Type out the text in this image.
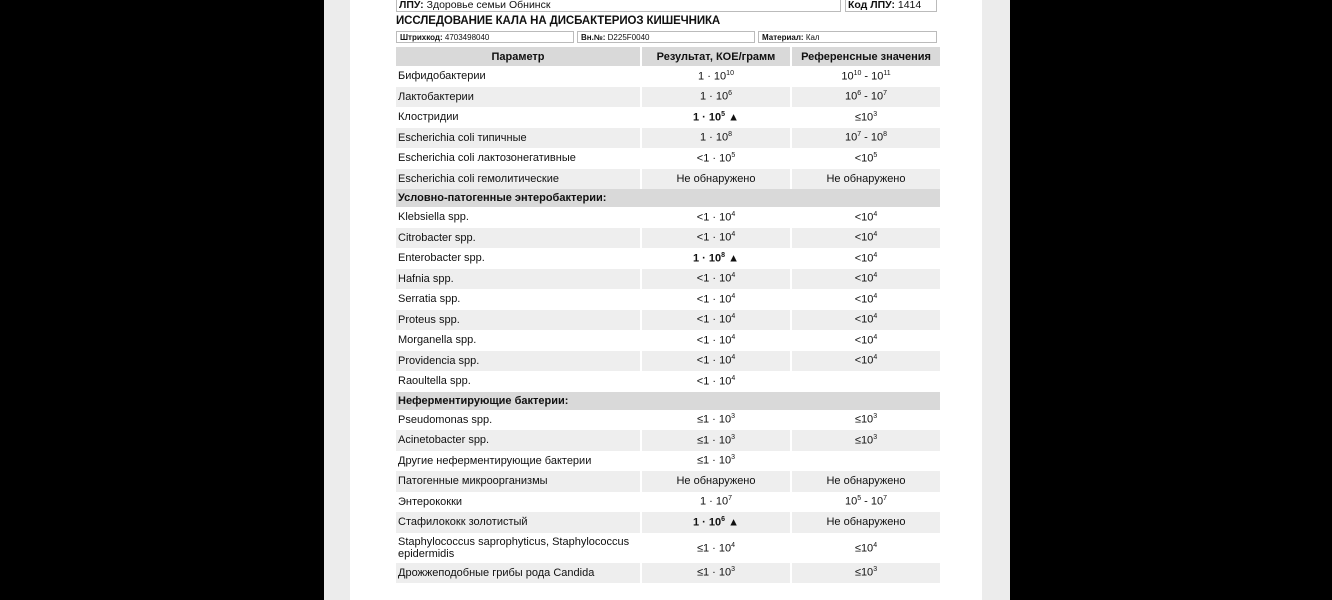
ЛПУ: Здоровье семьи Обнинск	Код ЛПУ: 1414
ИССЛЕДОВАНИЕ КАЛА НА ДИСБАКТЕРИОЗ КИШЕЧНИКА
Штрихкод: 4703498040	Вн.№: D225F0040	Материал: Кал
Параметр	Результат, КОЕ/грамм	Референсные значения
Бифидобактерии	$1 \cdot 10^{10}$	$10^{10} - 10^{11}$
Лактобактерии	$1 \cdot 10^6$	$10^6 - 10^7$
Клостридии	$1 \cdot 10^5$ ▲	$\le 10^3$
Escherichia coli типичные	$1 \cdot 10^8$	$10^7 - 10^8$
Escherichia coli лактозонегативные	$<1 \cdot 10^5$	$<10^5$
Escherichia coli гемолитические	Не обнаружено	Не обнаружено
Условно-патогенные энтеробактерии:		
Klebsiella spp.	$<1 \cdot 10^4$	$<10^4$
Citrobacter spp.	$<1 \cdot 10^4$	$<10^4$
Enterobacter spp.	$1 \cdot 10^8$ ▲	$<10^4$
Hafnia spp.	$<1 \cdot 10^4$	$<10^4$
Serratia spp.	$<1 \cdot 10^4$	$<10^4$
Proteus spp.	$<1 \cdot 10^4$	$<10^4$
Morganella spp.	$<1 \cdot 10^4$	$<10^4$
Providencia spp.	$<1 \cdot 10^4$	$<10^4$
Raoultella spp.	$<1 \cdot 10^4$	
Неферментирующие бактерии:		
Pseudomonas spp.	$\le 1 \cdot 10^3$	$\le 10^3$
Acinetobacter spp.	$\le 1 \cdot 10^3$	$\le 10^3$
Другие неферментирующие бактерии	$\le 1 \cdot 10^3$	
Патогенные микроорганизмы	Не обнаружено	Не обнаружено
Энтерококки	$1 \cdot 10^7$	$10^5 - 10^7$
Стафилококк золотистый	$1 \cdot 10^6$ ▲	Не обнаружено
Staphylococcus saprophyticus, Staphylococcus epidermidis	$\le 1 \cdot 10^4$	$\le 10^4$
Дрожжеподобные грибы рода Candida	$\le 1 \cdot 10^3$	$\le 10^3$
